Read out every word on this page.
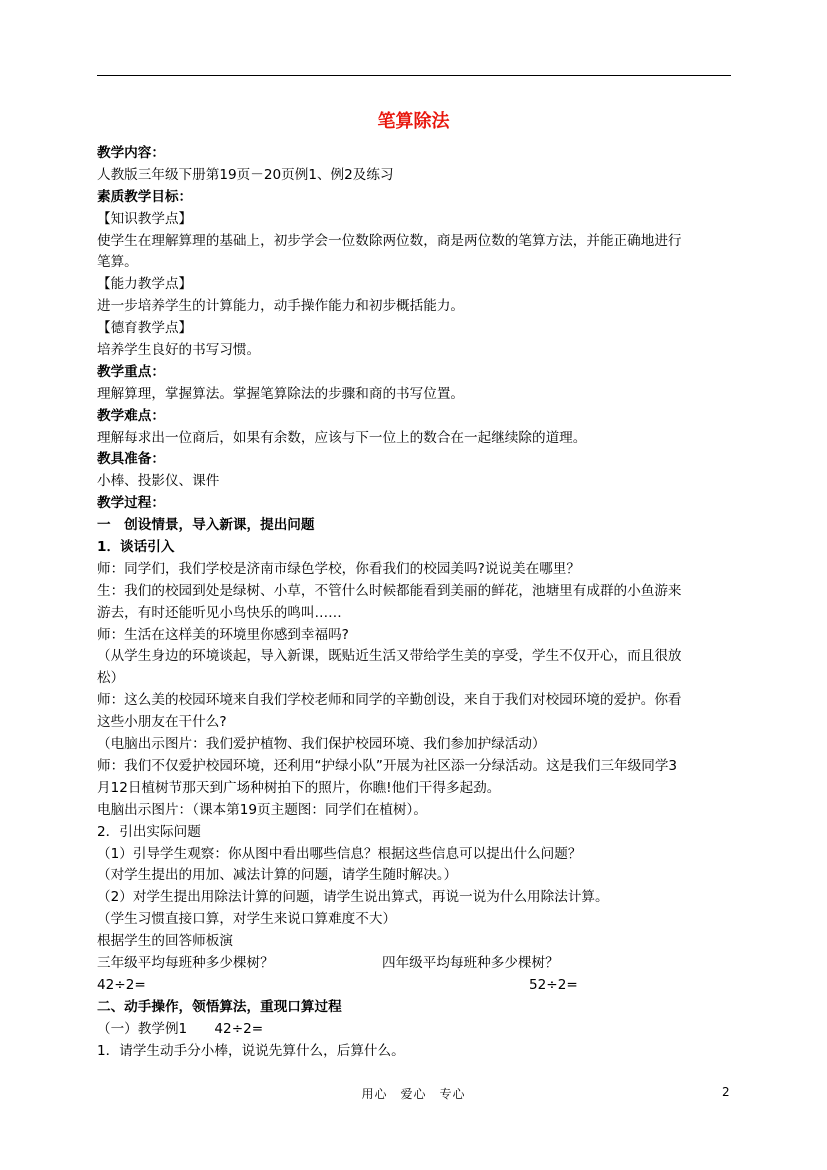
笔算除法
教学内容：
人教版三年级下册第19页－20页例1、例2及练习
素质教学目标：
【知识教学点】
使学生在理解算理的基础上，初步学会一位数除两位数，商是两位数的笔算方法，并能正确地进行
笔算。
【能力教学点】
进一步培养学生的计算能力，动手操作能力和初步概括能力。
【德育教学点】
培养学生良好的书写习惯。
教学重点：
理解算理，掌握算法。掌握笔算除法的步骤和商的书写位置。
教学难点：
理解每求出一位商后，如果有余数，应该与下一位上的数合在一起继续除的道理。
教具准备：
小棒、投影仪、课件
教学过程：
一　创设情景，导入新课，提出问题
1．谈话引入
师：同学们，我们学校是济南市绿色学校，你看我们的校园美吗?说说美在哪里？
生：我们的校园到处是绿树、小草，不管什么时候都能看到美丽的鲜花，池塘里有成群的小鱼游来
游去，有时还能听见小鸟快乐的鸣叫……
师：生活在这样美的环境里你感到幸福吗?
（从学生身边的环境谈起，导入新课，既贴近生活又带给学生美的享受，学生不仅开心，而且很放
松）
师：这么美的校园环境来自我们学校老师和同学的辛勤创设，来自于我们对校园环境的爱护。你看
这些小朋友在干什么?
（电脑出示图片：我们爱护植物、我们保护校园环境、我们参加护绿活动）
师：我们不仅爱护校园环境，还利用“护绿小队”开展为社区添一分绿活动。这是我们三年级同学3
月12日植树节那天到广场种树拍下的照片，你瞧!他们干得多起劲。
电脑出示图片：（课本第19页主题图：同学们在植树）。
2．引出实际问题
（1）引导学生观察：你从图中看出哪些信息？根据这些信息可以提出什么问题？
（对学生提出的用加、减法计算的问题，请学生随时解决。）
（2）对学生提出用除法计算的问题，请学生说出算式，再说一说为什么用除法计算。
（学生习惯直接口算，对学生来说口算难度不大）
根据学生的回答师板演
三年级平均每班种多少棵树？	四年级平均每班种多少棵树？
42÷2=	52÷2=
二、动手操作，领悟算法，重现口算过程
（一）教学例1　　42÷2=
1．请学生动手分小棒，说说先算什么，后算什么。
用心　爱心　专心	2
